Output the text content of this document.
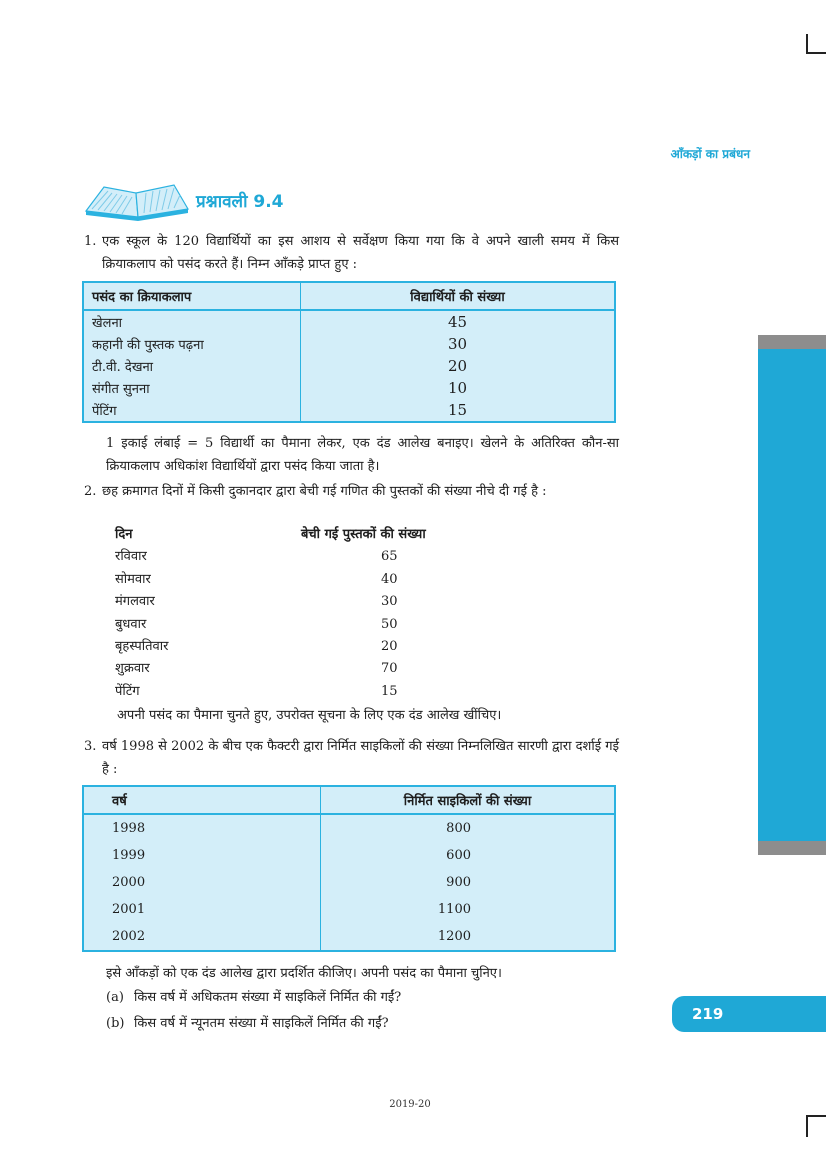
आँकड़ों का प्रबंधन
प्रश्नावली 9.4
1. एक स्कूल के 120 विद्यार्थियों का इस आशय से सर्वेक्षण किया गया कि वे अपने खाली समय में किस क्रियाकलाप को पसंद करते हैं। निम्न आँकड़े प्राप्त हुए :
पसंद का क्रियाकलाप	विद्यार्थियों की संख्या
खेलना	45
कहानी की पुस्तक पढ़ना	30
टी.वी. देखना	20
संगीत सुनना	10
पेंटिंग	15
1 इकाई लंबाई = 5 विद्यार्थी का पैमाना लेकर, एक दंड आलेख बनाइए। खेलने के अतिरिक्त कौन-सा क्रियाकलाप अधिकांश विद्यार्थियों द्वारा पसंद किया जाता है।
2. छह क्रमागत दिनों में किसी दुकानदार द्वारा बेची गई गणित की पुस्तकों की संख्या नीचे दी गई है :
दिन	बेची गई पुस्तकों की संख्या
रविवार	65
सोमवार	40
मंगलवार	30
बुधवार	50
बृहस्पतिवार	20
शुक्रवार	70
पेंटिंग	15
अपनी पसंद का पैमाना चुनते हुए, उपरोक्त सूचना के लिए एक दंड आलेख खींचिए।
3. वर्ष 1998 से 2002 के बीच एक फैक्टरी द्वारा निर्मित साइकिलों की संख्या निम्नलिखित सारणी द्वारा दर्शाई गई है :
वर्ष	निर्मित साइकिलों की संख्या
1998	800
1999	600
2000	900
2001	1100
2002	1200
इसे आँकड़ों को एक दंड आलेख द्वारा प्रदर्शित कीजिए। अपनी पसंद का पैमाना चुनिए।
(a) किस वर्ष में अधिकतम संख्या में साइकिलें निर्मित की गईं?
(b) किस वर्ष में न्यूनतम संख्या में साइकिलें निर्मित की गईं?
219
2019-20
